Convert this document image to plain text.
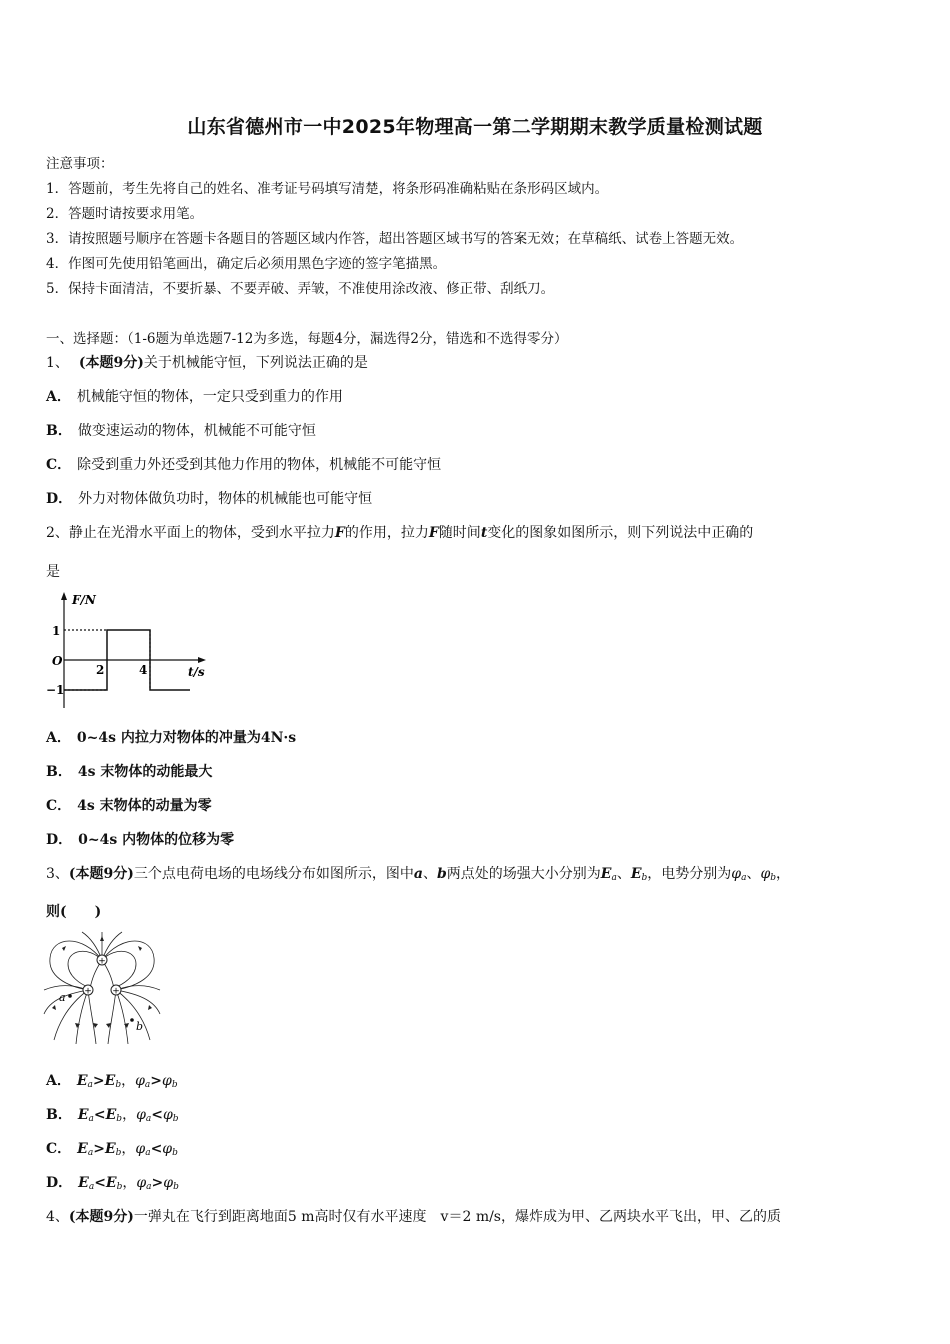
山东省德州市一中2025年物理高一第二学期期末教学质量检测试题
注意事项：
1．答题前，考生先将自己的姓名、准考证号码填写清楚，将条形码准确粘贴在条形码区域内。
2．答题时请按要求用笔。
3．请按照题号顺序在答题卡各题目的答题区域内作答，超出答题区域书写的答案无效；在草稿纸、试卷上答题无效。
4．作图可先使用铅笔画出，确定后必须用黑色字迹的签字笔描黑。
5．保持卡面清洁，不要折暴、不要弄破、弄皱，不准使用涂改液、修正带、刮纸刀。
一、选择题：（1-6题为单选题7-12为多选，每题4分，漏选得2分，错选和不选得零分）
1、 (本题9分)关于机械能守恒，下列说法正确的是
A． 机械能守恒的物体，一定只受到重力的作用
B． 做变速运动的物体，机械能不可能守恒
C． 除受到重力外还受到其他力作用的物体，机械能不可能守恒
D． 外力对物体做负功时，物体的机械能也可能守恒
2、静止在光滑水平面上的物体，受到水平拉力F的作用，拉力F随时间t变化的图象如图所示，则下列说法中正确的
是
F/N
t/s
O
1
−1
2	4
A． 0~4s 内拉力对物体的冲量为4N·s
B． 4s 末物体的动能最大
C． 4s 末物体的动量为零
D． 0~4s 内物体的位移为零
3、(本题9分)三个点电荷电场的电场线分布如图所示，图中a、b两点处的场强大小分别为$E_a$、$E_b$，电势分别为$\varphi_a$、$\varphi_b$，
则(　　)
+
+ +
a
b
A． $E_a>E_b$，$\varphi_a>\varphi_b$
B． $E_a<E_b$，$\varphi_a<\varphi_b$
C． $E_a>E_b$，$\varphi_a<\varphi_b$
D． $E_a<E_b$，$\varphi_a>\varphi_b$
4、(本题9分)一弹丸在飞行到距离地面5 m高时仅有水平速度　v＝2 m/s，爆炸成为甲、乙两块水平飞出，甲、乙的质
